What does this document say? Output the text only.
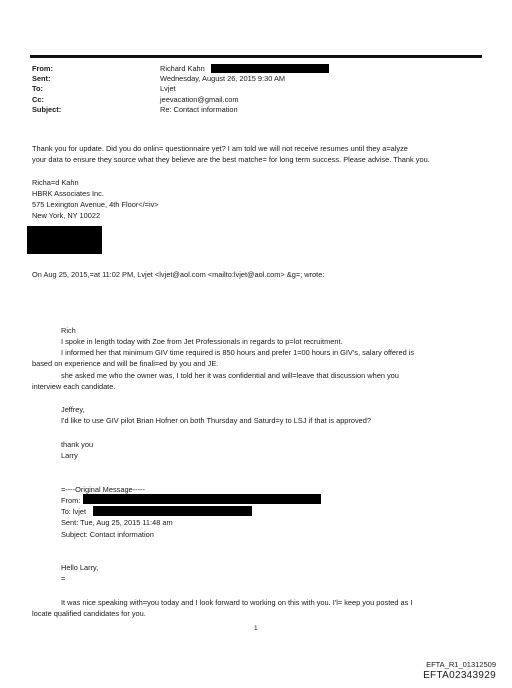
From:	Richard Kahn
Sent:	Wednesday, August 26, 2015 9:30 AM
To:	Lvjet
Cc:	jeevacation@gmail.com
Subject:	Re: Contact information
Thank you for update. Did you do onlin= questionnaire yet? I am told we will not receive resumes until they a=alyze
your data to ensure they source what they believe are the best matche= for long term success. Please advise. Thank you.
Richa=d Kahn
HBRK Associates Inc.
575 Lexington Avenue, 4th Floor</=iv>
New York, NY 10022
On Aug 25, 2015,=at 11:02 PM, Lvjet <lvjet@aol.com <mailto:lvjet@aol.com> &g=; wrote:
Rich
I spoke in length today with Zoe from Jet Professionals in regards to p=lot recruitment.
I informed her that minimum GIV time required is 850 hours and prefer 1=00 hours in GIV's, salary offered is
based on experience and will be finali=ed by you and JE.
she asked me who the owner was, I told her it was confidential and will=leave that discussion when you
interview each candidate.
Jeffrey,
I'd like to use GIV pilot Brian Hofner on both Thursday and Saturd=y to LSJ if that is approved?
thank you
Larry
=----Original Message-----
From:
To: lvjet
Sent: Tue, Aug 25, 2015 11:48 am
Subject: Contact information
Hello Larry,
=
It was nice speaking with=you today and I look forward to working on this with you. I'l= keep you posted as I
locate qualified candidates for you.
1
EFTA_R1_01312509
EFTA02343929
